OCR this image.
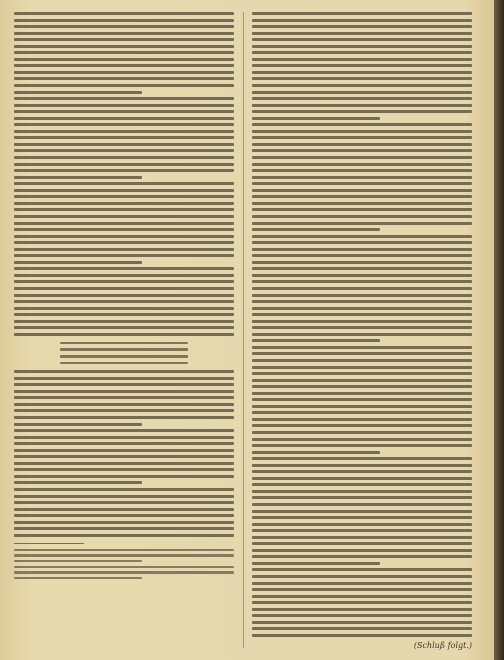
(Schluß folgt.)
